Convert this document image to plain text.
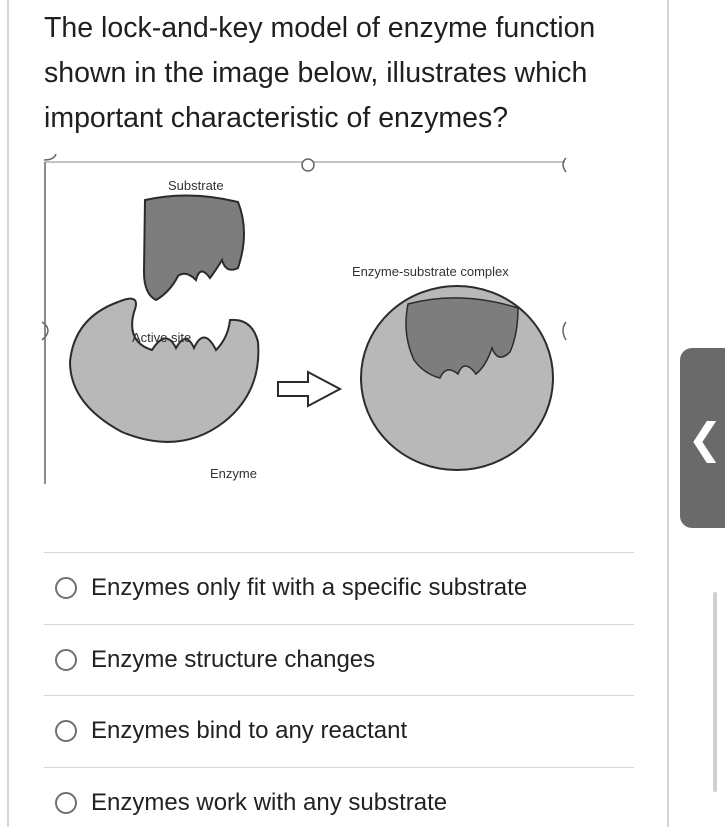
The lock-and-key model of enzyme function shown in the image below, illustrates which important characteristic of enzymes?

Substrate
Active site
Enzyme
Enzyme-substrate complex
Enzymes only fit with a specific substrate
Enzyme structure changes
Enzymes bind to any reactant
Enzymes work with any substrate
❮
